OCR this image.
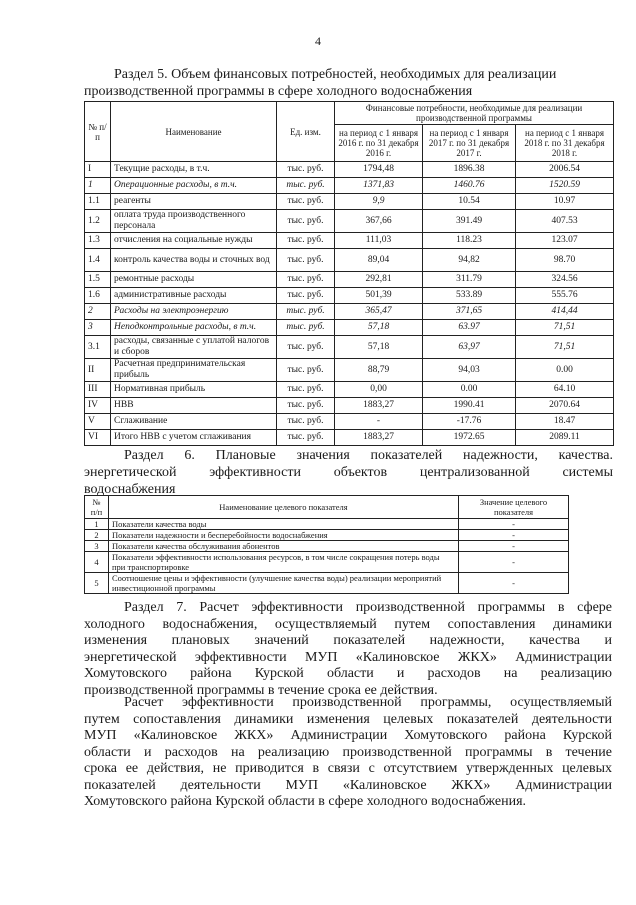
4
Раздел 5. Объем финансовых потребностей, необходимых для реализации
производственной программы в сфере холодного водоснабжения
№ п/п	Наименование	Ед. изм.	Финансовые потребности, необходимые для реализации производственной программы		
			на период с 1 января 2016 г. по 31 декабря 2016 г.	на период с 1 января 2017 г. по 31 декабря 2017 г.	на период с 1 января 2018 г. по 31 декабря 2018 г.
I	Текущие расходы, в т.ч.	тыс. руб.	1794,48	1896.38	2006.54
1	Операционные расходы, в т.ч.	тыс. руб.	1371,83	1460.76	1520.59
1.1	реагенты	тыс. руб.	9,9	10.54	10.97
1.2	оплата труда производственного персонала	тыс. руб.	367,66	391.49	407.53
1.3	отчисления на социальные нужды	тыс. руб.	111,03	118.23	123.07
1.4	контроль качества воды и сточных вод	тыс. руб.	89,04	94,82	98.70
1.5	ремонтные расходы	тыс. руб.	292,81	311.79	324.56
1.6	административные расходы	тыс. руб.	501,39	533.89	555.76
2	Расходы на электроэнергию	тыс. руб.	365,47	371,65	414,44
3	Неподконтрольные расходы, в т.ч.	тыс. руб.	57,18	63.97	71,51
3.1	расходы, связанные с уплатой налогов и сборов	тыс. руб.	57,18	63,97	71,51
II	Расчетная предпринимательская прибыль	тыс. руб.	88,79	94,03	0.00
III	Нормативная прибыль	тыс. руб.	0,00	0.00	64.10
IV	НВВ	тыс. руб.	1883,27	1990.41	2070.64
V	Сглаживание	тыс. руб.	-	-17.76	18.47
VI	Итого НВВ с учетом сглаживания	тыс. руб.	1883,27	1972.65	2089.11
Раздел 6. Плановые значения показателей надежности, качества.
энергетической эффективности объектов централизованной системы
водоснабжения
№ п/п	Наименование целевого показателя	Значение целевого показателя
1	Показатели качества воды	-
2	Показатели надежности и бесперебойности водоснабжения	-
3	Показатели качества обслуживания абонентов	-
4	Показатели эффективности использования ресурсов, в том числе сокращения потерь воды при транспортировке	-
5	Соотношение цены и эффективности (улучшение качества воды) реализации мероприятий инвестиционной программы	-
Раздел 7. Расчет эффективности производственной программы в сфере
холодного водоснабжения, осуществляемый путем сопоставления динамики
изменения плановых значений показателей надежности, качества и
энергетической эффективности МУП «Калиновское ЖКХ» Администрации
Хомутовского района Курской области и расходов на реализацию
производственной программы в течение срока ее действия.
Расчет эффективности производственной программы, осуществляемый
путем сопоставления динамики изменения целевых показателей деятельности
МУП «Калиновское ЖКХ» Администрации Хомутовского района Курской
области и расходов на реализацию производственной программы в течение
срока ее действия, не приводится в связи с отсутствием утвержденных целевых
показателей деятельности МУП «Калиновское ЖКХ» Администрации
Хомутовского района Курской области в сфере холодного водоснабжения.
